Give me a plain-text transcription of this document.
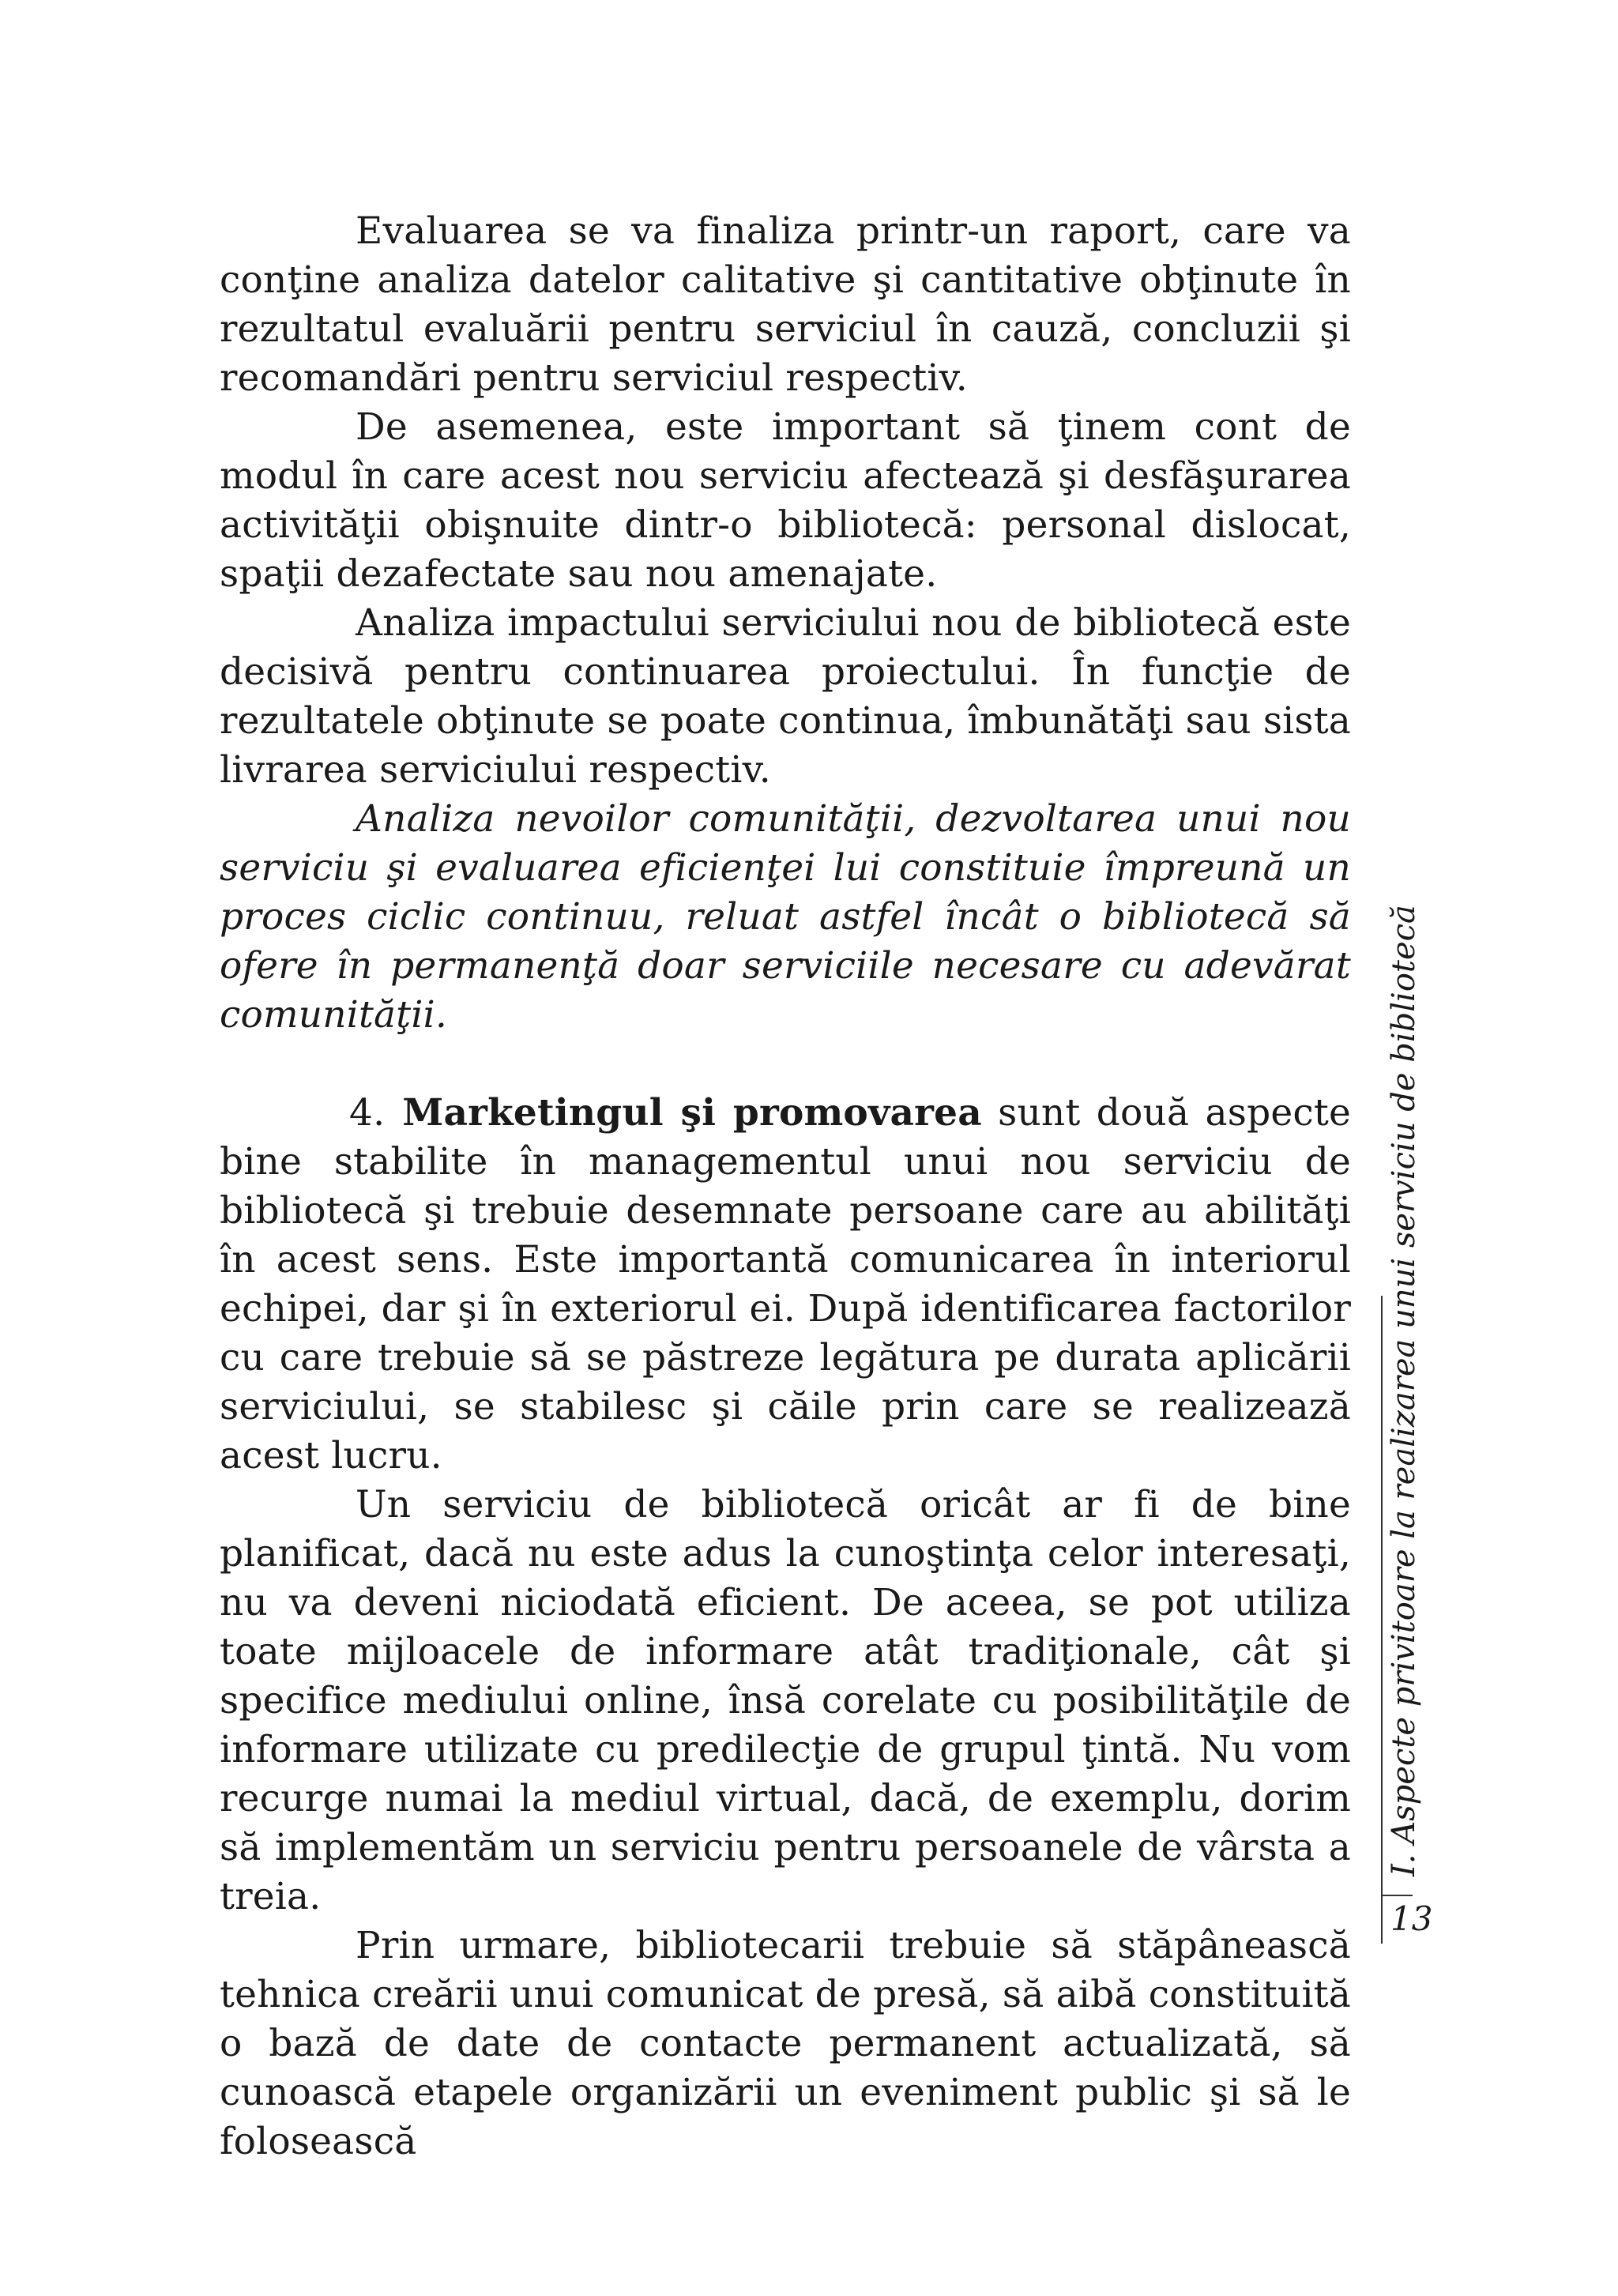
Evaluarea se va finaliza printr-un raport, care va conţine analiza datelor calitative şi cantitative obţinute în rezultatul evaluării pentru serviciul în cauză, concluzii şi recomandări pentru serviciul respectiv.

De asemenea, este important să ţinem cont de modul în care acest nou serviciu afectează şi desfăşurarea activităţii obişnuite dintr-o bibliotecă: personal dislocat, spaţii dezafectate sau nou amenajate.

Analiza impactului serviciului nou de bibliotecă este decisivă pentru continuarea proiectului. În funcţie de rezultatele obţinute se poate continua, îmbunătăţi sau sista livrarea serviciului respectiv.

Analiza nevoilor comunităţii, dezvoltarea unui nou serviciu şi evaluarea eficienţei lui constituie împreună un proces ciclic continuu, reluat astfel încât o bibliotecă să ofere în permanenţă doar serviciile necesare cu adevărat comunităţii.

4. Marketingul şi promovarea sunt două aspecte bine stabilite în managementul unui nou serviciu de bibliotecă şi trebuie desemnate persoane care au abilităţi în acest sens. Este importantă comunicarea în interiorul echipei, dar şi în exteriorul ei. După identificarea factorilor cu care trebuie să se păstreze legătura pe durata aplicării serviciului, se stabilesc şi căile prin care se realizează acest lucru.

Un serviciu de bibliotecă oricât ar fi de bine planificat, dacă nu este adus la cunoştinţa celor interesaţi, nu va deveni niciodată eficient. De aceea, se pot utiliza toate mijloacele de informare atât tradiţionale, cât şi specifice mediului online, însă corelate cu posibilităţile de informare utilizate cu predilecţie de grupul ţintă. Nu vom recurge numai la mediul virtual, dacă, de exemplu, dorim să implementăm un serviciu pentru persoanele de vârsta a treia.

Prin urmare, bibliotecarii trebuie să stăpânească tehnica creării unui comunicat de presă, să aibă constituită o bază de date de contacte permanent actualizată, să cunoască etapele organizării un eveniment public şi să le folosească

I. Aspecte privitoare la realizarea unui serviciu de bibliotecă
13
